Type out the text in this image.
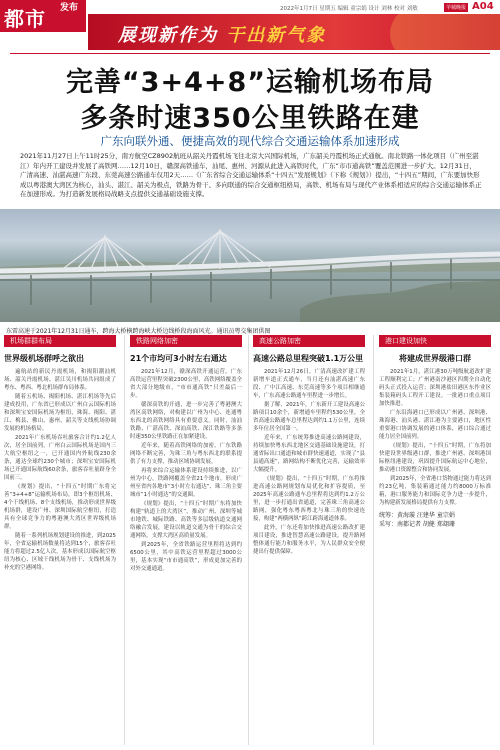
都市 发布	2022年1月7日 星期五 编辑 童宗娟 设计 刘林 校对 刘敏	羊城晚报 A04
展现新作为 干出新气象
完善“3+4+8”运输机场布局
多条时速350公里铁路在建
广东向联外通、便捷高效的现代综合交通运输体系加速形成
2021年11月27日上午11时25分，南方航空CZ8902航班从韶关丹霞机场飞往北京大兴国际机场，广东韶关丹霞机场正式通航。南北铁路一体化项目（广州至湛江）年内开工建设并发展了高铁网……12月10日，赣深高铁通车，汕尾、惠州、河源从此进入高铁时代，广东“市市通高铁”覆盖范围进一步扩大。12月31日，广清高速、汕湛高速广东段、东莞高速公路通车仅用2天……《广东省综合交通运输体系“十四五”发展规划》（下称《规划》）提出，“十四五”期间，广东要加快形成以粤港澳大湾区为核心，汕头、湛江、韶关为极点，铁路为骨干、多向联通的综合交通枢纽格局，高铁、机场布局与现代产业体系相适应的综合交通运输体系正在加速形成。为打造新发展格局战略支点提供交通基础设施支撑。
东雷高速于2021年12月31日通车，跨海大桥横跨海峡大桥边线桥段海面风光。通讯员粤交集团供图
机场群群布局
世界级机场群呼之欲出

遍航站的新民丹霞机场，和揭阳潮汕机场、韶关丹霞机场、湛江吴川机场共同组成了粤东、粤西、粤北机场群布局体系。

随着五机场、揭阳机场、湛江机场等先后建成投用，广东省已形成以广州白云国际机场和深圳宝安国际机场为枢纽，珠海、揭阳、湛江、梅县、佛山、惠州、韶关等支线机场协调发展的机场格局。

2021年广东机场吞吐旅客合计约1.2亿人次，居全国前列。广州白云国际机场是国内三大航空枢纽之一，已开通国内外航线230余条，通达全球约230个城市；深圳宝安国际机场已开通国际航线60余条，旅客吞吐量跻身全国前三。

《规划》提出，“十四五”时期广东将完善“3+4+8”运输机场布局，即3个枢纽机场、4个干线机场、8个支线机场，推动形成世界级机场群，建设广州、深圳国际航空枢纽，打造具有全球竞争力的粤港澳大湾区世界级机场群。

随着一系列机场规划建设的推进，到2025年，全省运输机场数量将达到15个，旅客吞吐能力将超过2.5亿人次，基本形成以国际航空枢纽为核心、区域干线机场为骨干、支线机场为补充的空港网络。

铁路网络加密
21个市均可3小时左右通达

2021年12月，赣深高铁开通运营，广东高铁运营里程突破2300公里，高铁网络覆盖全省大部分地级市，“市市通高铁”只差最后一步。

赣深高铁的开通，进一步完善了粤港澳大湾区高铁网络，对构建以广州为中心、连通粤东西北的高铁网络具有重要意义。同时，汕汕铁路、广湛高铁、深汕高铁、深江铁路等多条时速350公里铁路正在加紧建设。

近年来，随着高铁网络的加密，广东铁路网络不断完善，为珠三角与粤东西北的联系提供了有力支撑，推动区域协调发展。

再将来综合运输体系建设持续推进，以广州为中心，铁路网覆盖全省21个地市，形成广州至省内各地市“3小时左右通达”、珠三角主要城市“1小时通达”的交通圈。

《规划》提出，“十四五”时期广东将加快构建“轨道上的大湾区”，推动广州、深圳等城市地铁、城际铁路、高铁等多层级轨道交通网络融合发展，建设以轨道交通为骨干的综合交通网络，支撑大湾区高质量发展。

到2025年，全省铁路运营里程将达到约6500公里，其中高铁运营里程超过3000公里，基本实现“市市通高铁”，形成更加完善的对外交通通道。

高速公路加密
高速公路总里程突破1.1万公里

2021年12月26日，广清高速改扩建工程新增车道正式通车，当月还有汕湛高速广东段、广中江高速、东莞高速等多个项目相继通车，广东高速公路通车里程进一步增长。

据了解，2021年，广东新开工建设高速公路项目10余个，新增通车里程约530公里，全省高速公路通车总里程达到约1.1万公里，连续多年位居全国第一。

近年来，广东统筹推进高速公路网建设，持续加快粤东西北地区交通基础设施建设，打通省际出口通道和城市群快速通道，实现了“县县通高速”，路网结构不断优化完善，运输效率大幅提升。

《规划》提出，“十四五”时期，广东将推进高速公路网规划布局优化和扩容提质，至2025年高速公路通车总里程将达到约1.2万公里，进一步打通出省通道，完善珠三角高速公路网，强化粤东粤西粤北与珠三角的快速连接，构建“两横两纵”跨江跨海通道体系。

此外，广东还将加快推进高速公路改扩建项目建设，推进智慧高速公路建设，提升路网整体通行能力和服务水平，为人民群众安全便捷出行提供保障。

港口建设加快
将建成世界级港口群

2021年1月，湛江港30万吨级航道改扩建工程顺利完工；广州港南沙港区四期全自动化码头正式投入运营；深圳港盐田港区东作业区集装箱码头工程开工建设。一批港口重点项目加快推进。

广东沿海港口已形成以广州港、深圳港、珠海港、汕头港、湛江港为主要港口，地区性重要港口协调发展的港口体系，港口综合通过能力居全国前列。

《规划》提出，“十四五”时期，广东将加快建设世界级港口群，推进广州港、深圳港国际枢纽港建设，巩固提升国际航运中心地位，推动港口资源整合和协同发展。

到2025年，全省港口货物通过能力将达到约23亿吨，集装箱通过能力约8000万标准箱，港口服务能力和国际竞争力进一步提升，为构建新发展格局提供有力支撑。

统筹：黄海璇 汪建华 童宗娟
采写：南都记者 胡健 郑翃珊
